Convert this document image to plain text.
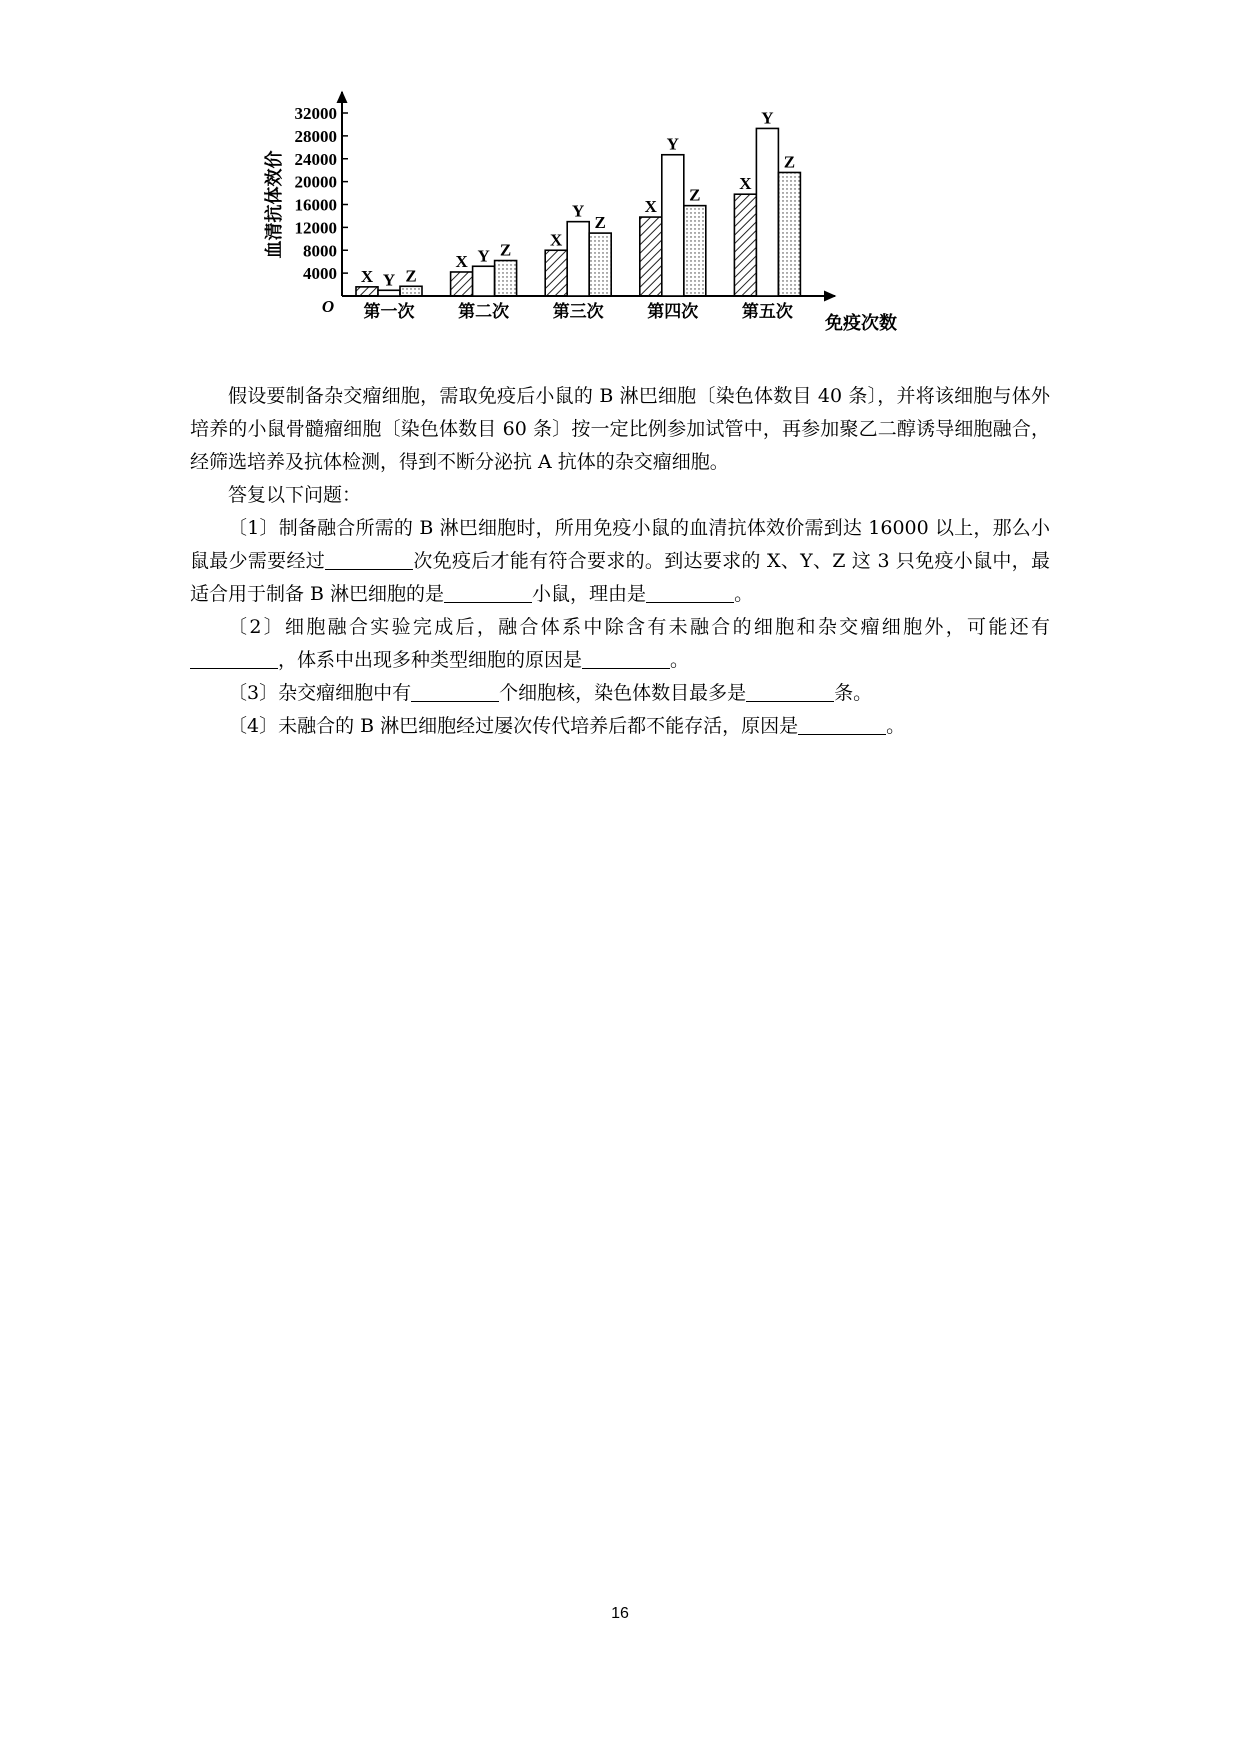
4000
8000
12000
16000
20000
24000
28000
32000
O
血清抗体效价
免疫次数
X Y Z
第一次
X Y Z
第二次
X
Y
Z
第三次
X
Y
Z
第四次
X
Y
Z
第五次

假设要制备杂交瘤细胞，需取免疫后小鼠的 B 淋巴细胞〔染色体数目 40 条〕，并将该细胞与体外培养的小鼠骨髓瘤细胞〔染色体数目 60 条〕按一定比例参加试管中，再参加聚乙二醇诱导细胞融合，经筛选培养及抗体检测，得到不断分泌抗 A 抗体的杂交瘤细胞。

答复以下问题：

〔1〕制备融合所需的 B 淋巴细胞时，所用免疫小鼠的血清抗体效价需到达 16000 以上，那么小鼠最少需要经过	次免疫后才能有符合要求的。到达要求的 X、Y、Z 这 3 只免疫小鼠中，最适合用于制备 B 淋巴细胞的是	小鼠，理由是	。

〔2〕细胞融合实验完成后，融合体系中除含有未融合的细胞和杂交瘤细胞外，可能还有，体系中出现多种类型细胞的原因是	。

〔3〕杂交瘤细胞中有	个细胞核，染色体数目最多是	条。

〔4〕未融合的 B 淋巴细胞经过屡次传代培养后都不能存活，原因是	。

16
